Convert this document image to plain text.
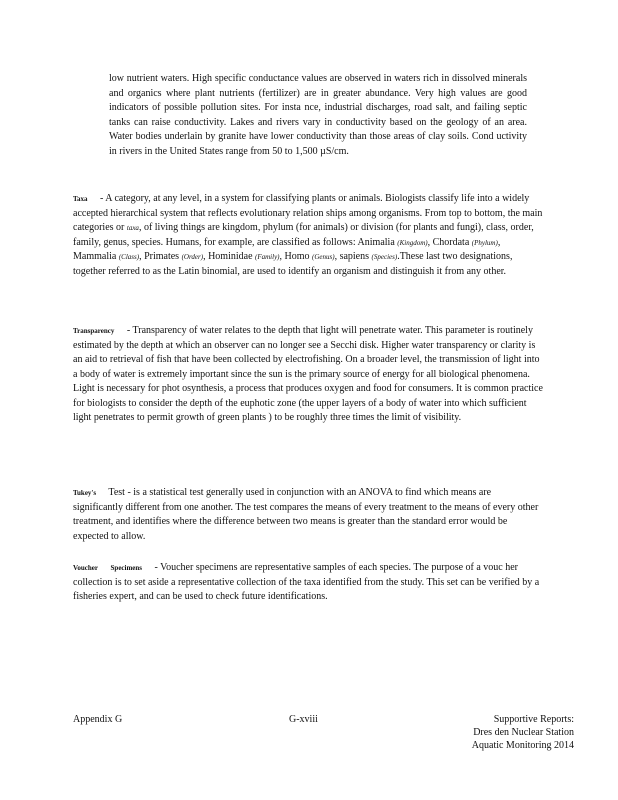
low nutrient waters. High specific conductance values are observed in waters rich in dissolved minerals and organics where plant nutrients (fertilizer) are in greater abundance. Very high values are good indicators of possible pollution sites. For insta nce, industrial discharges, road salt, and failing septic tanks can raise conductivity. Lakes and rivers vary in conductivity based on the geology of an area. Water bodies underlain by granite have lower conductivity than those areas of clay soils. Cond uctivity in rivers in the United States range from 50 to 1,500 µS/cm.

Taxa - A category, at any level, in a system for classifying plants or animals. Biologists classify life into a widely accepted hierarchical system that reflects evolutionary relation ships among organisms. From top to bottom, the main categories or taxa, of living things are kingdom, phylum (for animals) or division (for plants and fungi), class, order, family, genus, species. Humans, for example, are classified as follows: Animalia (Kingdom), Chordata (Phylum), Mammalia (Class), Primates (Order), Hominidae (Family), Homo (Genus), sapiens (Species).These last two designations, together referred to as the Latin binomial, are used to identify an organism and distinguish it from any other.
Transparency - Transparency of water relates to the depth that light will penetrate water. This parameter is routinely estimated by the depth at which an observer can no longer see a Secchi disk. Higher water transparency or clarity is an aid to retrieval of fish that have been collected by electrofishing. On a broader level, the transmission of light into a body of water is extremely important since the sun is the primary source of energy for all biological phenomena. Light is necessary for phot osynthesis, a process that produces oxygen and food for consumers. It is common practice for biologists to consider the depth of the euphotic zone (the upper layers of a body of water into which sufficient light penetrates to permit growth of green plants ) to be roughly three times the limit of visibility.
Tukey's Test - is a statistical test generally used in conjunction with an ANOVA to find which means are significantly different from one another. The test compares the means of every treatment to the means of every other treatment, and identifies where the difference between two means is greater than the standard error would be expected to allow.
Voucher Specimens - Voucher specimens are representative samples of each species. The purpose of a vouc her collection is to set aside a representative collection of the taxa identified from the study. This set can be verified by a fisheries expert, and can be used to check future identifications.
Appendix G	G-xviii	Supportive Reports:
Dres den Nuclear Station
Aquatic Monitoring 2014
